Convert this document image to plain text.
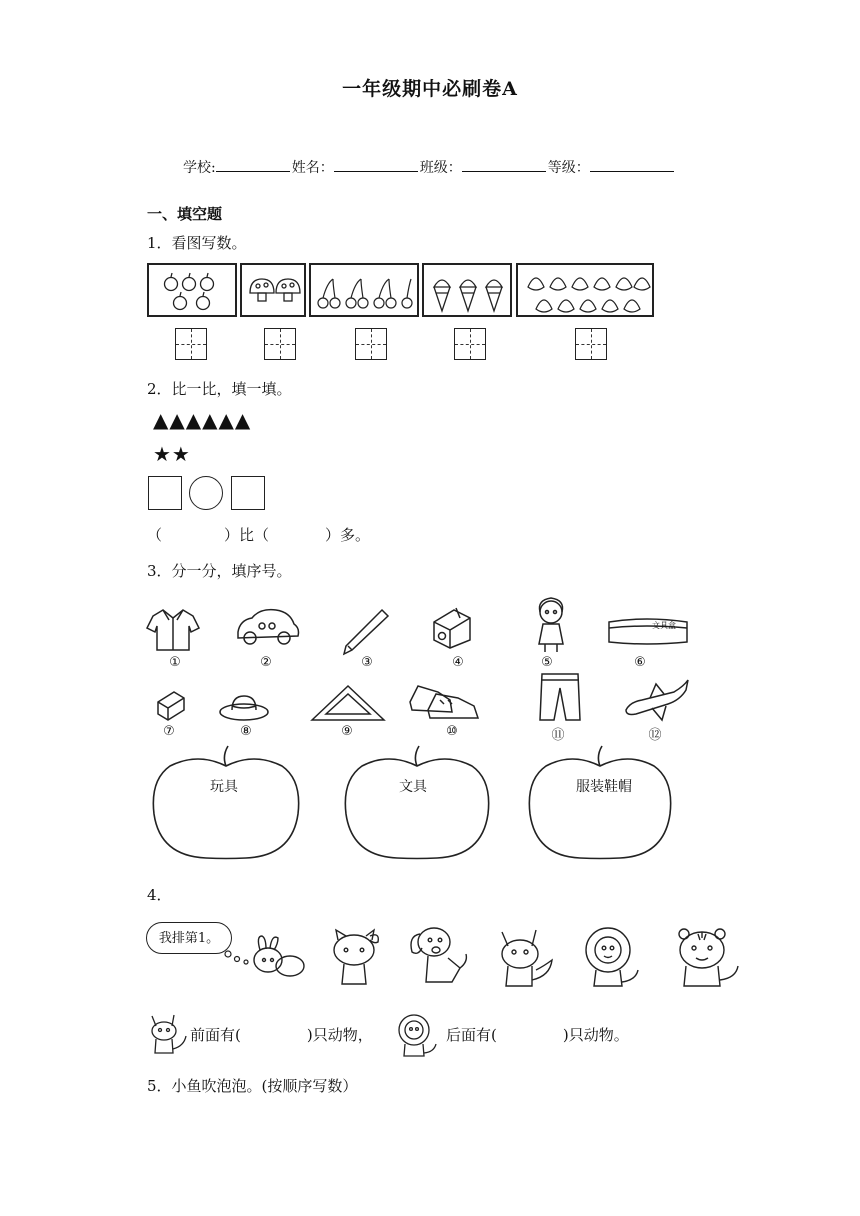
一年级期中必刷卷A
学校:	姓名：	班级：	等级：
一、填空题
1．看图写数。
2．比一比，填一填。
▲▲▲▲▲▲
★★
（	）比（	）多。
3．分一分，填序号。
文具盒
①	②	③	④	⑤	⑥
⑦	⑧	⑨	⑩	⑪	⑫
玩具	文具	服装鞋帽
4．
我排第1。
前面有(	)只动物，	后面有(	)只动物。
5．小鱼吹泡泡。(按顺序写数）
